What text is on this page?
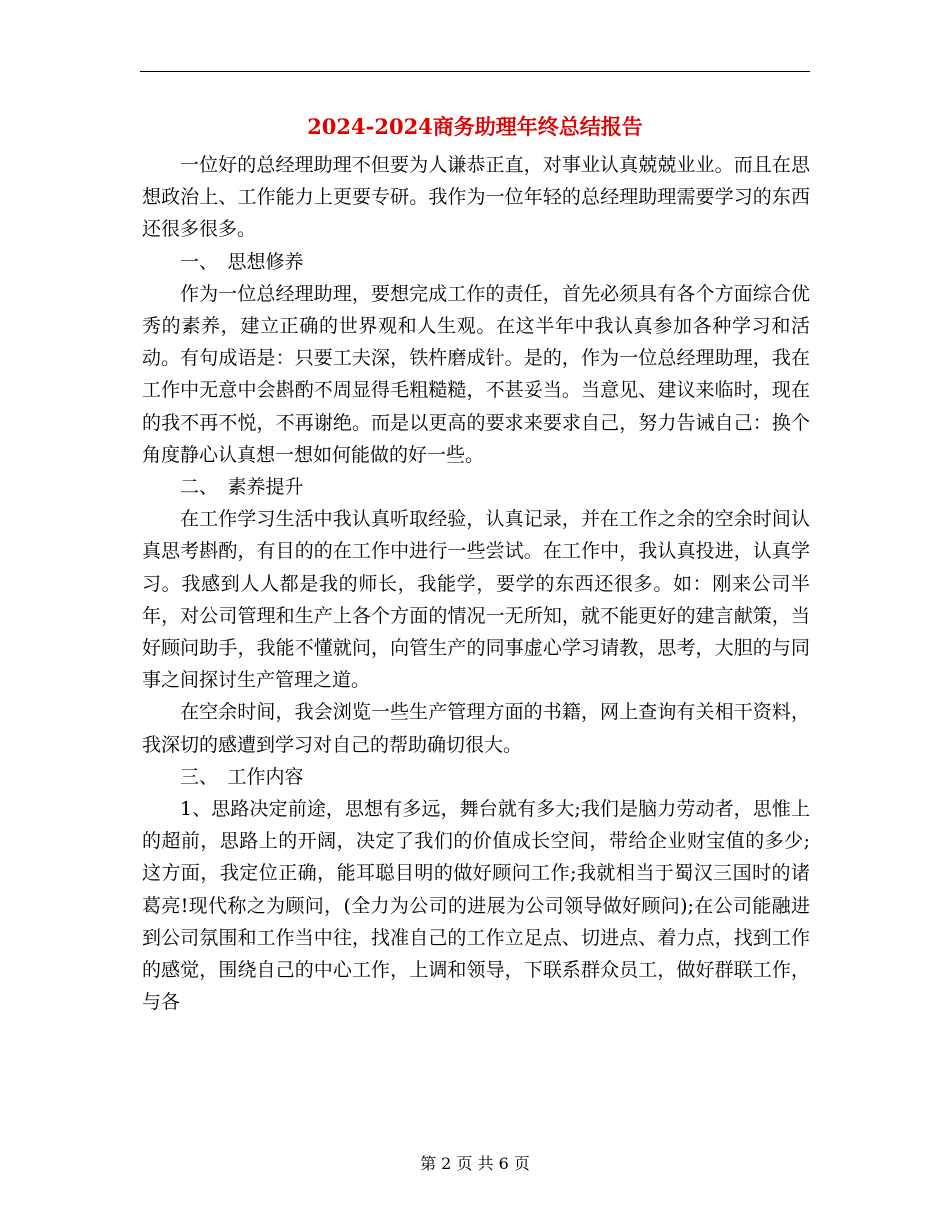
2024-2024商务助理年终总结报告

一位好的总经理助理不但要为人谦恭正直，对事业认真兢兢业业。而且在思想政治上、工作能力上更要专研。我作为一位年轻的总经理助理需要学习的东西还很多很多。

一、　思想修养

作为一位总经理助理，要想完成工作的责任，首先必须具有各个方面综合优秀的素养，建立正确的世界观和人生观。在这半年中我认真参加各种学习和活动。有句成语是：只要工夫深，铁杵磨成针。是的，作为一位总经理助理，我在工作中无意中会斟酌不周显得毛粗糙糙，不甚妥当。当意见、建议来临时，现在的我不再不悦，不再谢绝。而是以更高的要求来要求自己，努力告诫自己：换个角度静心认真想一想如何能做的好一些。

二、　素养提升

在工作学习生活中我认真听取经验，认真记录，并在工作之余的空余时间认真思考斟酌，有目的的在工作中进行一些尝试。在工作中，我认真投进，认真学习。我感到人人都是我的师长，我能学，要学的东西还很多。如：刚来公司半年，对公司管理和生产上各个方面的情况一无所知，就不能更好的建言献策，当好顾问助手，我能不懂就问，向管生产的同事虚心学习请教，思考，大胆的与同事之间探讨生产管理之道。

在空余时间，我会浏览一些生产管理方面的书籍，网上查询有关相干资料，我深切的感遭到学习对自己的帮助确切很大。

三、　工作内容

1、思路决定前途，思想有多远，舞台就有多大;我们是脑力劳动者，思惟上的超前，思路上的开阔，决定了我们的价值成长空间，带给企业财宝值的多少;这方面，我定位正确，能耳聪目明的做好顾问工作;我就相当于蜀汉三国时的诸葛亮!现代称之为顾问，(全力为公司的进展为公司领导做好顾问);在公司能融进到公司氛围和工作当中往，找准自己的工作立足点、切进点、着力点，找到工作的感觉，围绕自己的中心工作，上调和领导，下联系群众员工，做好群联工作，与各

第 2 页 共 6 页
